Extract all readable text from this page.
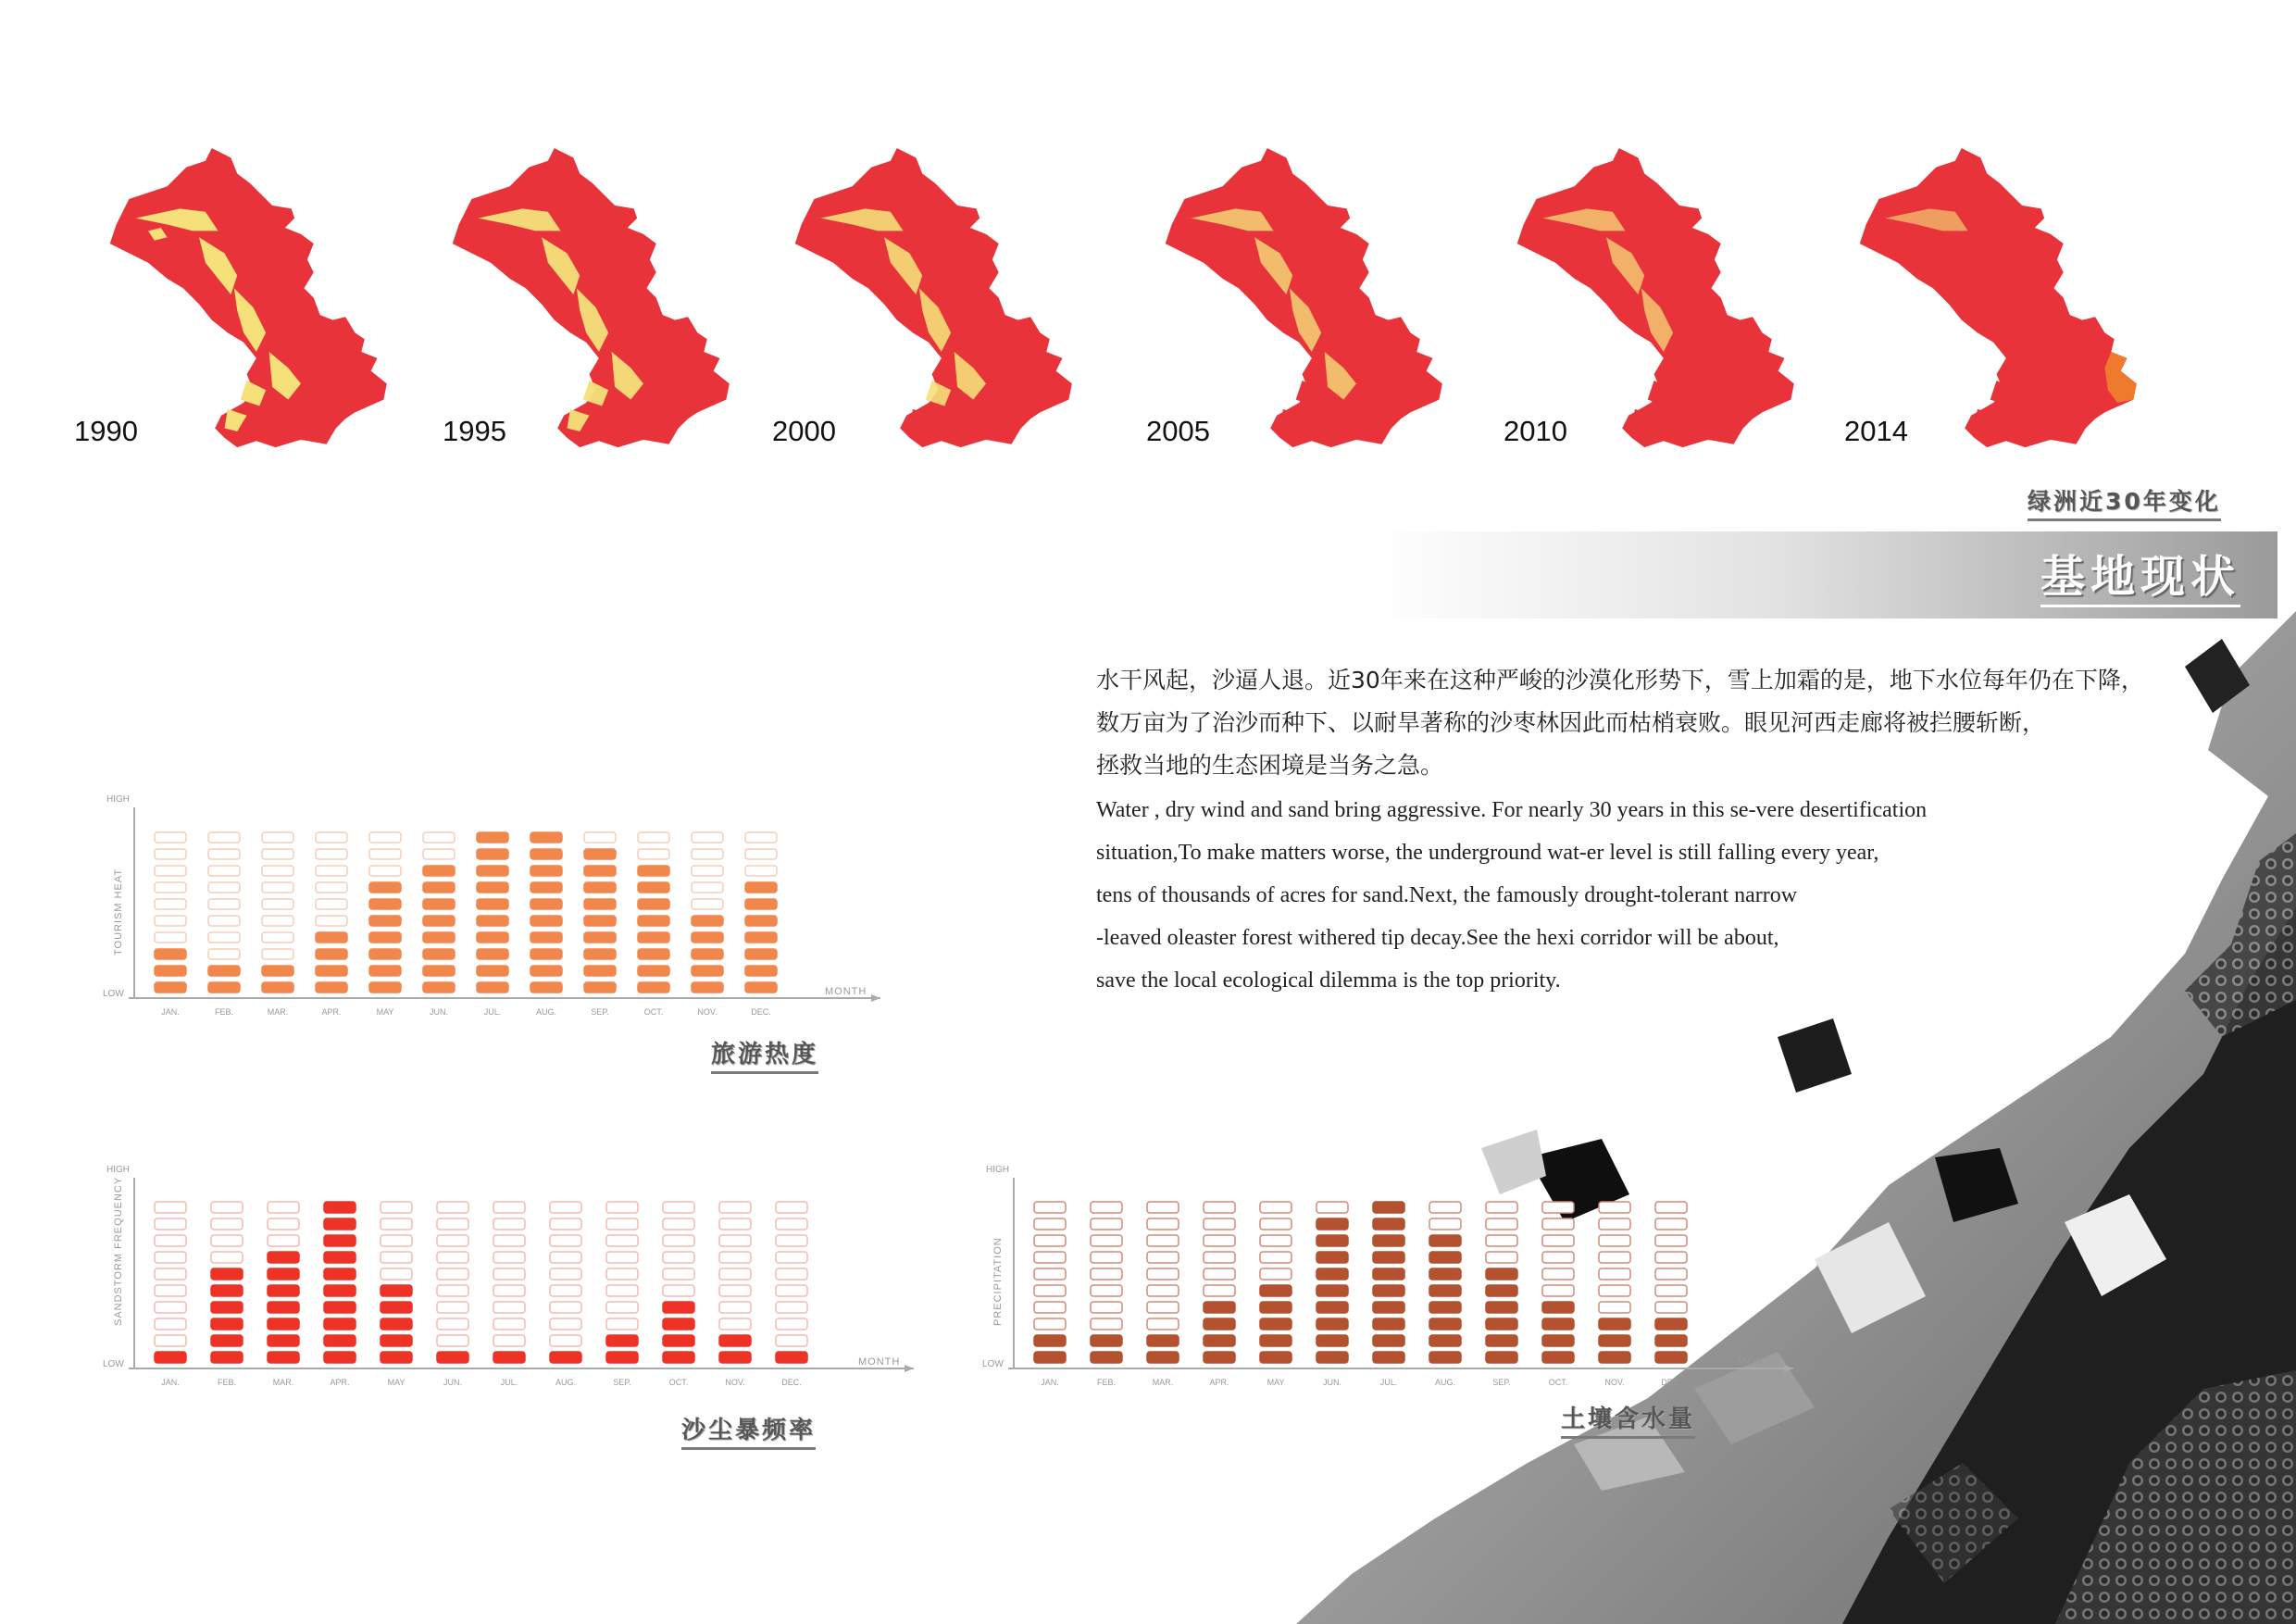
1990	1995	2000	2005	2010	2014
绿洲近30年变化
基地现状
水干风起，沙逼人退。近30年来在这种严峻的沙漠化形势下，雪上加霜的是，地下水位每年仍在下降，
数万亩为了治沙而种下、以耐旱著称的沙枣林因此而枯梢衰败。眼见河西走廊将被拦腰斩断，
拯救当地的生态困境是当务之急。
Water , dry wind and sand bring aggressive. For nearly 30 years in this se-vere desertification
situation,To make matters worse, the underground wat-er level is still falling every year,
tens of thousands of acres for sand.Next, the famously drought-tolerant narrow
-leaved oleaster forest withered tip decay.See the hexi corridor will be about,
save the local ecological dilemma is the top priority.
HIGH
LOW
TOURISM HEAT
MONTH
JAN.	FEB.	MAR.	APR.	MAY	JUN.	JUL.	AUG.	SEP.	OCT.	NOV.	DEC.
旅游热度
HIGH
LOW
SANDSTORM FREQUENCY
MONTH
JAN.	FEB.	MAR.	APR.	MAY	JUN.	JUL.	AUG.	SEP.	OCT.	NOV.	DEC.
沙尘暴频率
HIGH
LOW
PRECIPITATION
MONTH
JAN.	FEB.	MAR.	APR.	MAY	JUN.	JUL.	AUG.	SEP.	OCT.	NOV.	DEC.
土壤含水量
